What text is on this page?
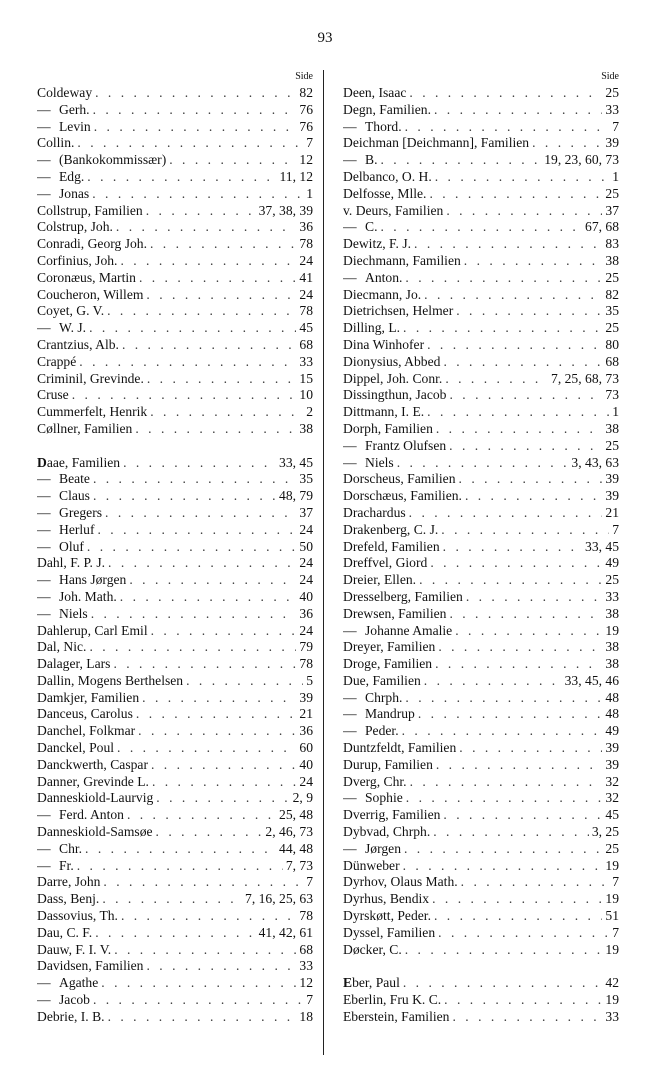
93
Side
Coldeway . . .	82
— Gerh. . . .	76
— Levin . . .	76
Collin. . . .	7
— (Bankokommissær) . . .	12
— Edg. . . .	11, 12
— Jonas . . .	1
Collstrup, Familien . . .	37, 38, 39
Colstrup, Joh. . . .	36
Conradi, Georg Joh. . . .	78
Corfinius, Joh. . . .	24
Coronæus, Martin . . .	41
Coucheron, Willem . . .	24
Coyet, G. V. . . .	78
— W. J. . . .	45
Crantzius, Alb. . . .	68
Crappé . . .	33
Criminil, Grevinde. . . .	15
Cruse . . .	10
Cummerfelt, Henrik . . .	2
Cøllner, Familien . . .	38
Daae, Familien . . .	33, 45
— Beate . . .	35
— Claus . . .	48, 79
— Gregers . . .	37
— Herluf . . .	24
— Oluf . . .	50
Dahl, F. P. J. . . .	24
— Hans Jørgen . . .	24
— Joh. Math. . . .	40
— Niels . . .	36
Dahlerup, Carl Emil . . .	24
Dal, Nic. . . .	79
Dalager, Lars . . .	78
Dallin, Mogens Berthelsen . . .	5
Damkjer, Familien . . .	39
Danceus, Carolus . . .	21
Danchel, Folkmar . . .	36
Danckel, Poul . . .	60
Danckwerth, Caspar . . .	40
Danner, Grevinde L. . . .	24
Danneskiold-Laurvig . . .	2, 9
— Ferd. Anton . . .	25, 48
Danneskiold-Samsøe . . .	2, 46, 73
— Chr. . . .	44, 48
— Fr. . . .	7, 73
Darre, John . . .	7
Dass, Benj. . . .	7, 16, 25, 63
Dassovius, Th. . . .	78
Dau, C. F. . . .	41, 42, 61
Dauw, F. I. V. . . .	68
Davidsen, Familien . . .	33
— Agathe . . .	12
— Jacob . . .	7
Debrie, I. B. . . .	18
Side
Deen, Isaac . . .	25
Degn, Familien. . . .	33
— Thord. . . .	7
Deichman [Deichmann], Familien . . .	39
— B. . . .	19, 23, 60, 73
Delbanco, O. H. . . .	1
Delfosse, Mlle. . . .	25
v. Deurs, Familien . . .	37
— C. . . .	67, 68
Dewitz, F. J. . . .	83
Diechmann, Familien . . .	38
— Anton. . . .	25
Diecmann, Jo. . . .	82
Dietrichsen, Helmer . . .	35
Dilling, L. . . .	25
Dina Winhofer . . .	80
Dionysius, Abbed . . .	68
Dippel, Joh. Conr. . . .	7, 25, 68, 73
Dissingthun, Jacob . . .	73
Dittmann, I. E. . . .	1
Dorph, Familien . . .	38
— Frantz Olufsen . . .	25
— Niels . . .	3, 43, 63
Dorscheus, Familien . . .	39
Dorschæus, Familien. . . .	39
Drachardus . . .	21
Drakenberg, C. J. . . .	7
Drefeld, Familien . . .	33, 45
Dreffvel, Giord . . .	49
Dreier, Ellen. . . .	25
Dresselberg, Familien . . .	33
Drewsen, Familien . . .	38
— Johanne Amalie . . .	19
Dreyer, Familien . . .	38
Droge, Familien . . .	38
Due, Familien . . .	33, 45, 46
— Chrph. . . .	48
— Mandrup . . .	48
— Peder. . . .	49
Duntzfeldt, Familien . . .	39
Durup, Familien . . .	39
Dverg, Chr. . . .	32
— Sophie . . .	32
Dverrig, Familien . . .	45
Dybvad, Chrph. . . .	3, 25
— Jørgen . . .	25
Dünweber . . .	19
Dyrhov, Olaus Math. . . .	7
Dyrhus, Bendix . . .	19
Dyrskøtt, Peder. . . .	51
Dyssel, Familien . . .	7
Døcker, C. . . .	19
Eber, Paul . . .	42
Eberlin, Fru K. C. . . .	19
Eberstein, Familien . . .	33
